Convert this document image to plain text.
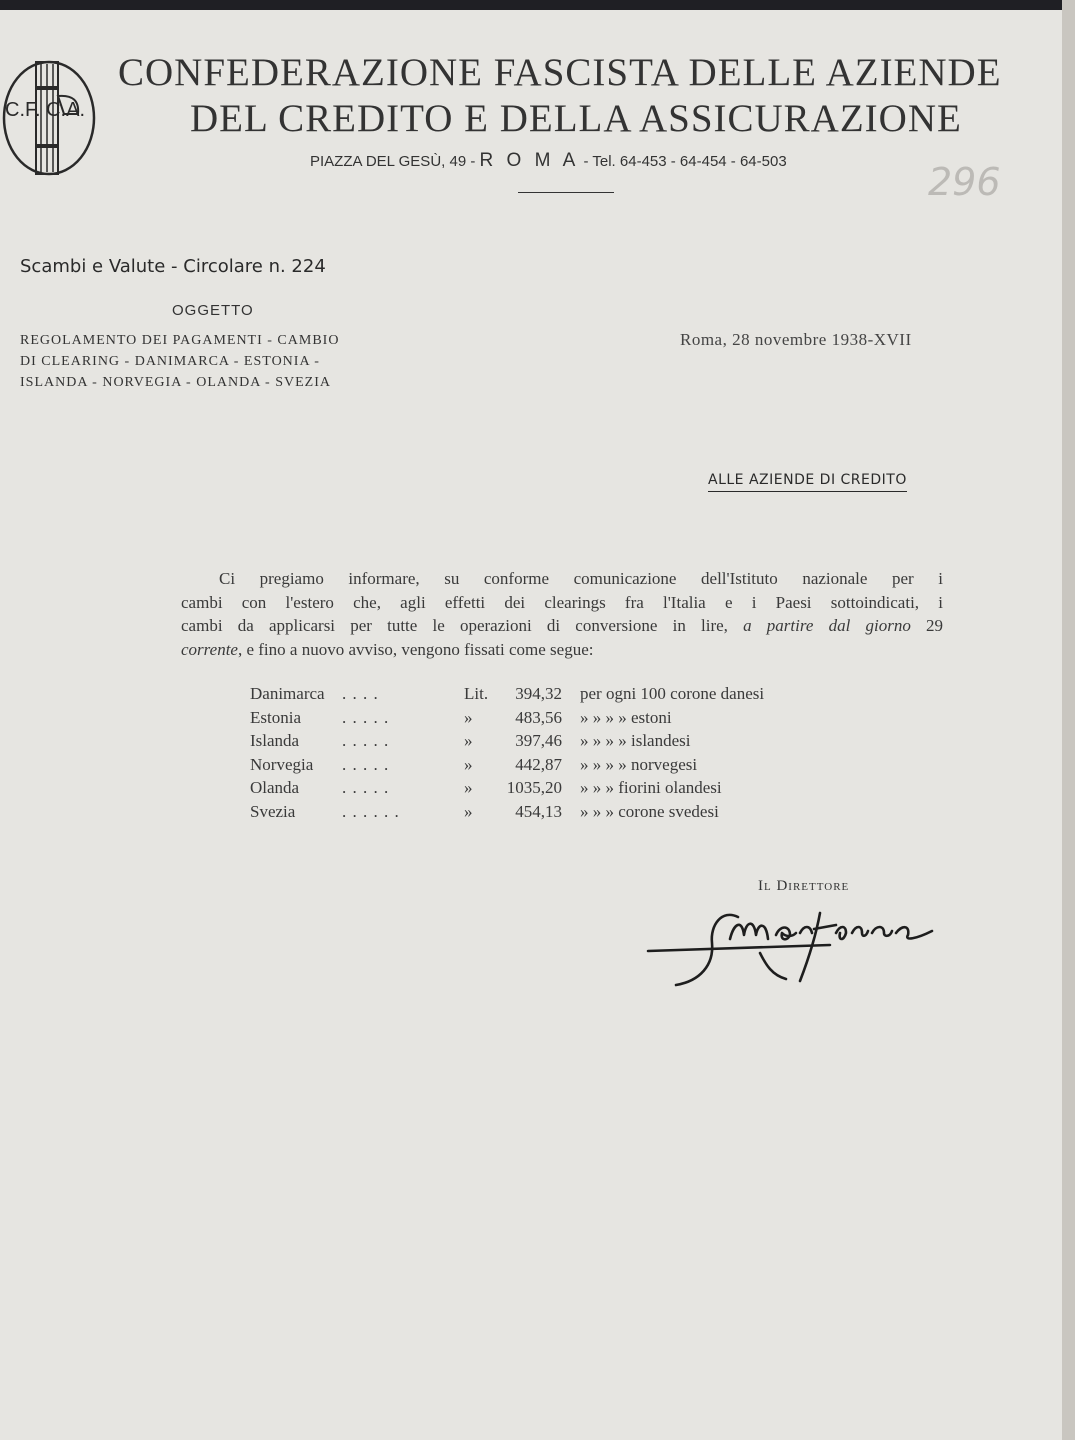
C.F. C.A.
CONFEDERAZIONE FASCISTA DELLE AZIENDE
DEL CREDITO E DELLA ASSICURAZIONE
PIAZZA DEL GESÙ, 49 - R O M A - Tel. 64-453 - 64-454 - 64-503	296
Scambi e Valute - Circolare n. 224
OGGETTO
REGOLAMENTO DEI PAGAMENTI - CAMBIO
DI CLEARING - DANIMARCA - ESTONIA -
ISLANDA - NORVEGIA - OLANDA - SVEZIA
Roma, 28 novembre 1938-XVII
ALLE AZIENDE DI CREDITO
Ci pregiamo informare, su conforme comunicazione dell'Istituto nazionale per i
cambi con l'estero che, agli effetti dei clearings fra l'Italia e i Paesi sottoindicati, i
cambi da applicarsi per tutte le operazioni di conversione in lire, a partire dal giorno 29
corrente, e fino a nuovo avviso, vengono fissati come segue:
Danimarca . . . .	Lit.	394,32 per ogni 100 corone danesi
Estonia . . . . .	»	483,56 » » » » estoni
Islanda	. . . . .	»	397,46 » » » » islandesi
Norvegia . . . . .	»	442,87 » » » » norvegesi
Olanda	. . . . .	»	1035,20 » » » fiorini olandesi
Svezia	. . . . . .	»	454,13 » » » corone svedesi
Il Direttore
Martirone
